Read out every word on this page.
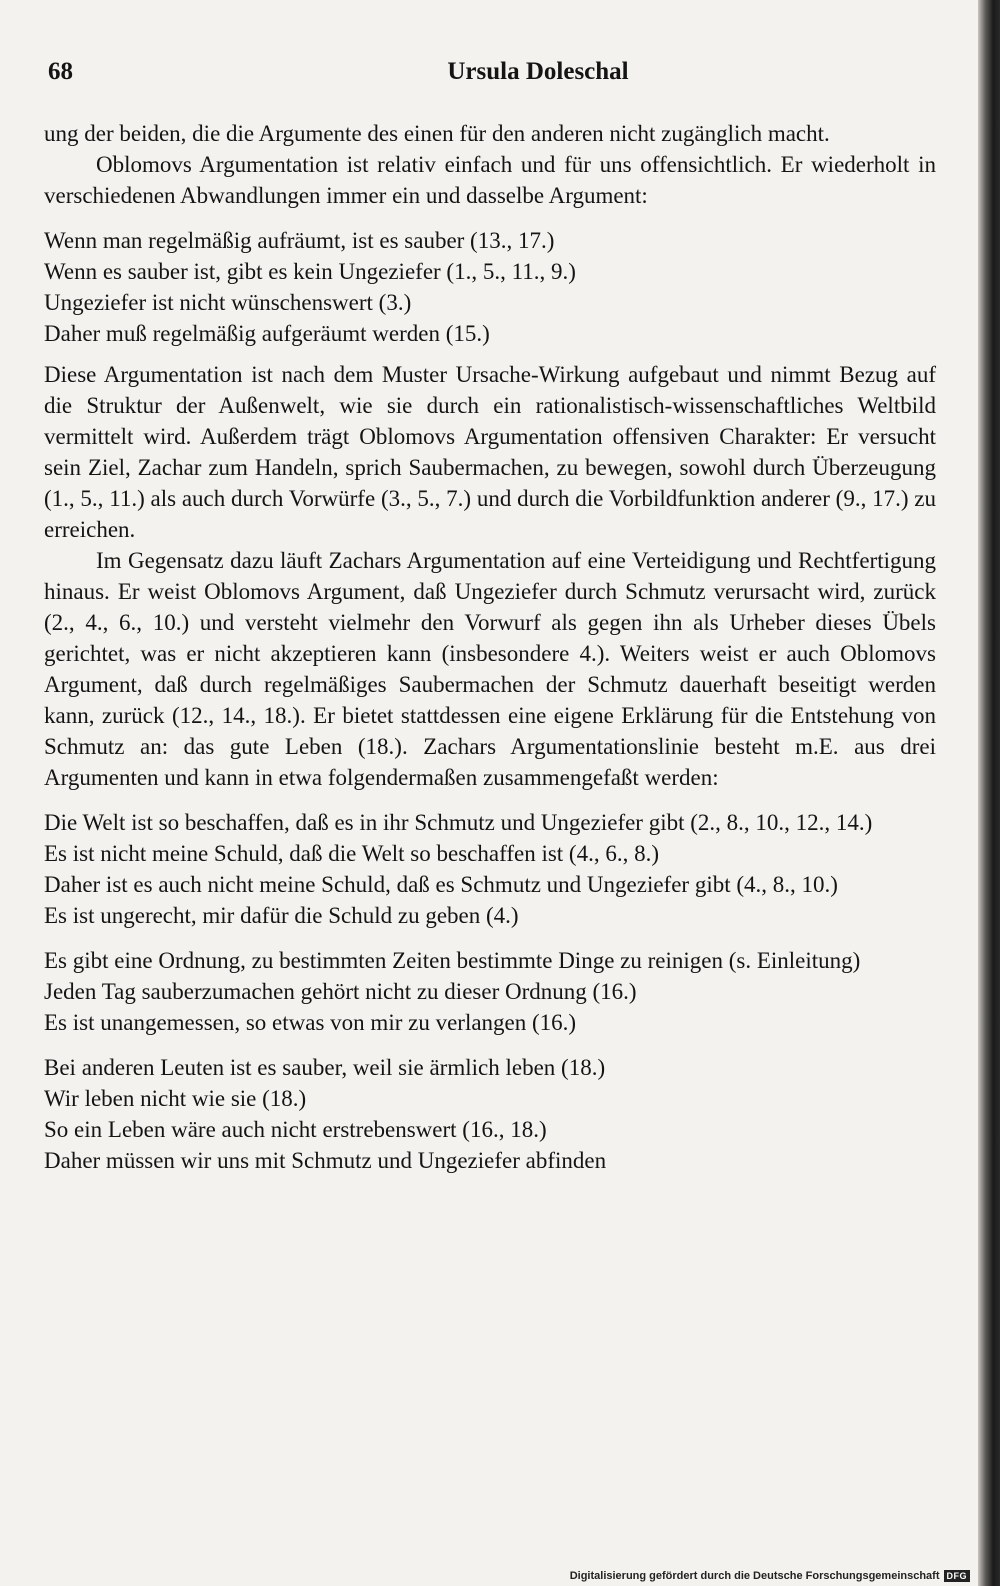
68	Ursula Doleschal

ung der beiden, die die Argumente des einen für den anderen nicht zugänglich macht.

Oblomovs Argumentation ist relativ einfach und für uns offensichtlich. Er wiederholt in verschiedenen Abwandlungen immer ein und dasselbe Argument:

Wenn man regelmäßig aufräumt, ist es sauber (13., 17.)
Wenn es sauber ist, gibt es kein Ungeziefer (1., 5., 11., 9.)
Ungeziefer ist nicht wünschenswert (3.)
Daher muß regelmäßig aufgeräumt werden (15.)

Diese Argumentation ist nach dem Muster Ursache-Wirkung aufgebaut und nimmt Bezug auf die Struktur der Außenwelt, wie sie durch ein rationalistisch-wissenschaftliches Weltbild vermittelt wird. Außerdem trägt Oblomovs Argumentation offensiven Charakter: Er versucht sein Ziel, Zachar zum Handeln, sprich Saubermachen, zu bewegen, sowohl durch Überzeugung (1., 5., 11.) als auch durch Vorwürfe (3., 5., 7.) und durch die Vorbildfunktion anderer (9., 17.) zu erreichen.

Im Gegensatz dazu läuft Zachars Argumentation auf eine Verteidigung und Rechtfertigung hinaus. Er weist Oblomovs Argument, daß Ungeziefer durch Schmutz verursacht wird, zurück (2., 4., 6., 10.) und versteht vielmehr den Vorwurf als gegen ihn als Urheber dieses Übels gerichtet, was er nicht akzeptieren kann (insbesondere 4.). Weiters weist er auch Oblomovs Argument, daß durch regelmäßiges Saubermachen der Schmutz dauerhaft beseitigt werden kann, zurück (12., 14., 18.). Er bietet stattdessen eine eigene Erklärung für die Entstehung von Schmutz an: das gute Leben (18.). Zachars Argumentationslinie besteht m.E. aus drei Argumenten und kann in etwa folgendermaßen zusammengefaßt werden:

Die Welt ist so beschaffen, daß es in ihr Schmutz und Ungeziefer gibt (2., 8., 10., 12., 14.)
Es ist nicht meine Schuld, daß die Welt so beschaffen ist (4., 6., 8.)
Daher ist es auch nicht meine Schuld, daß es Schmutz und Ungeziefer gibt (4., 8., 10.)
Es ist ungerecht, mir dafür die Schuld zu geben (4.)
Es gibt eine Ordnung, zu bestimmten Zeiten bestimmte Dinge zu reinigen (s. Einleitung)
Jeden Tag sauberzumachen gehört nicht zu dieser Ordnung (16.)
Es ist unangemessen, so etwas von mir zu verlangen (16.)
Bei anderen Leuten ist es sauber, weil sie ärmlich leben (18.)
Wir leben nicht wie sie (18.)
So ein Leben wäre auch nicht erstrebenswert (16., 18.)
Daher müssen wir uns mit Schmutz und Ungeziefer abfinden
Digitalisierung gefördert durch die Deutsche Forschungsgemeinschaft DFG
